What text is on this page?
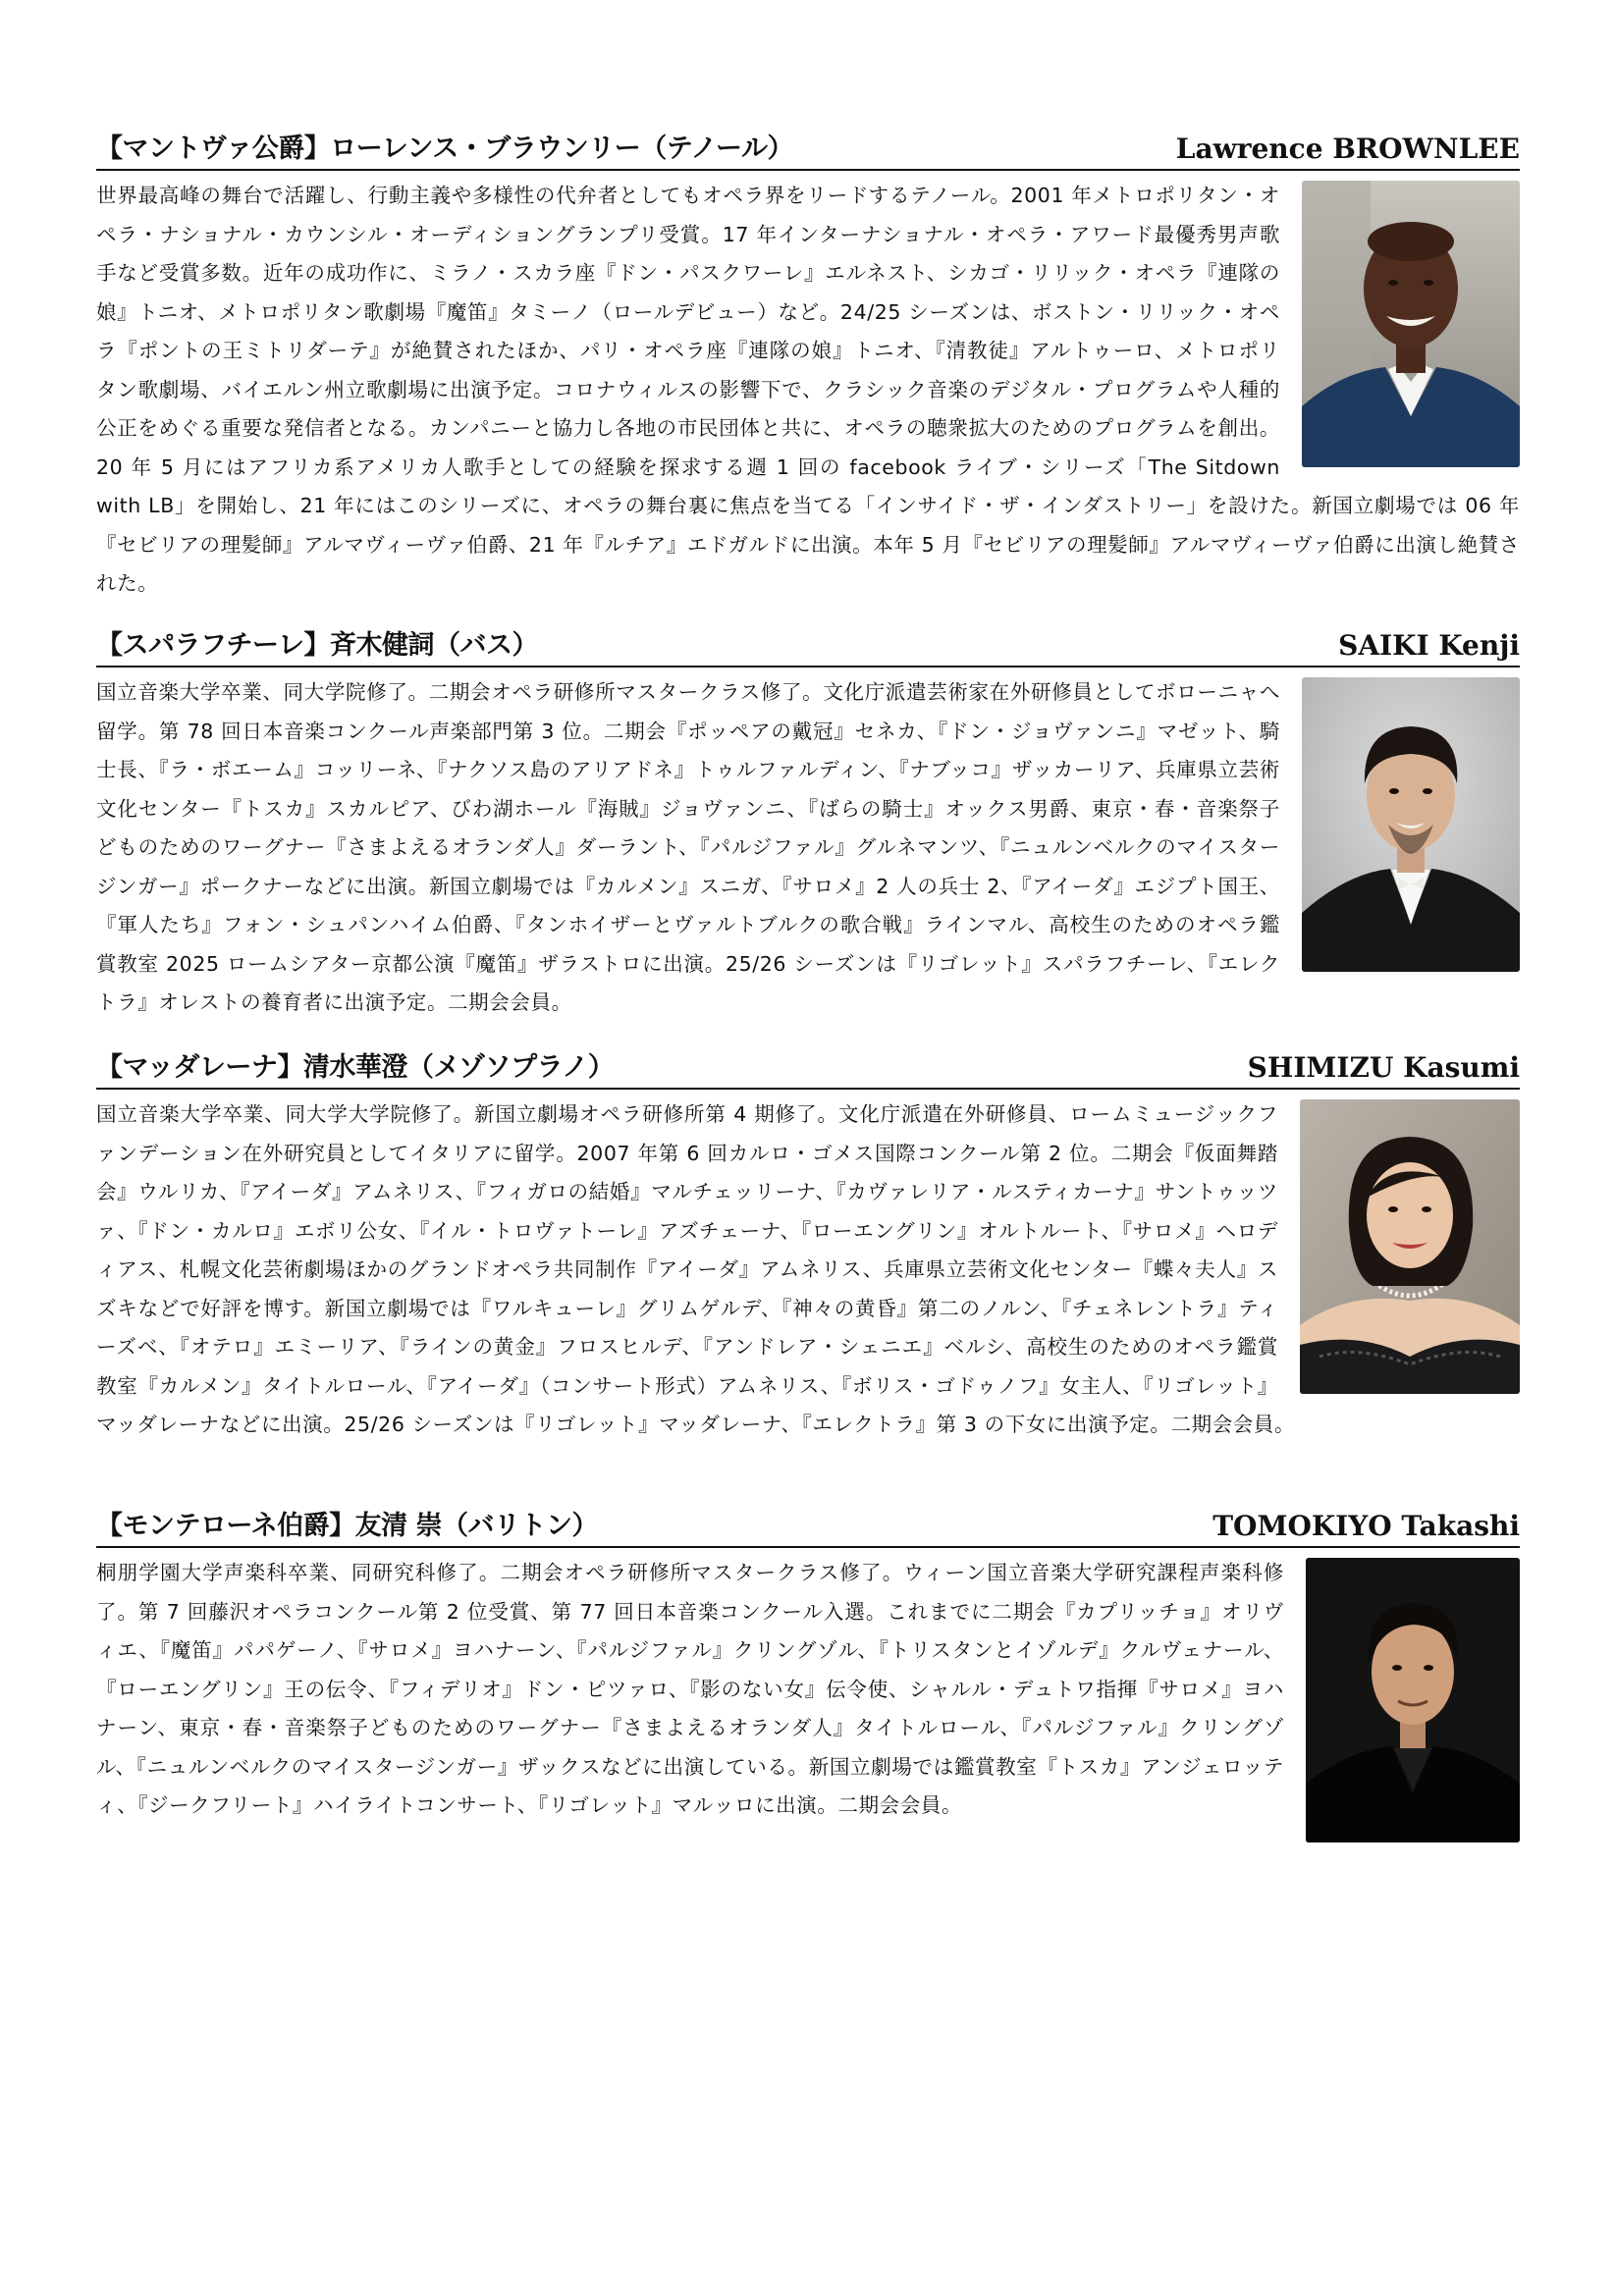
【マントヴァ公爵】ローレンス・ブラウンリー（テノール）	Lawrence BROWNLEE
世界最高峰の舞台で活躍し、行動主義や多様性の代弁者としてもオペラ界をリードするテノール。2001 年メトロポリタン・オペラ・ナショナル・カウンシル・オーディショングランプリ受賞。17 年インターナショナル・オペラ・アワード最優秀男声歌手など受賞多数。近年の成功作に、ミラノ・スカラ座『ドン・パスクワーレ』エルネスト、シカゴ・リリック・オペラ『連隊の娘』トニオ、メトロポリタン歌劇場『魔笛』タミーノ（ロールデビュー）など。24/25 シーズンは、ボストン・リリック・オペラ『ポントの王ミトリダーテ』が絶賛されたほか、パリ・オペラ座『連隊の娘』トニオ、『清教徒』アルトゥーロ、メトロポリタン歌劇場、バイエルン州立歌劇場に出演予定。コロナウィルスの影響下で、クラシック音楽のデジタル・プログラムや人種的公正をめぐる重要な発信者となる。カンパニーと協力し各地の市民団体と共に、オペラの聴衆拡大のためのプログラムを創出。20 年 5 月にはアフリカ系アメリカ人歌手としての経験を探求する週 1 回の facebook ライブ・シリーズ「The Sitdown with LB」を開始し、21 年にはこのシリーズに、オペラの舞台裏に焦点を当てる「インサイド・ザ・インダストリー」を設けた。新国立劇場では 06 年『セビリアの理髪師』アルマヴィーヴァ伯爵、21 年『ルチア』エドガルドに出演。本年 5 月『セビリアの理髪師』アルマヴィーヴァ伯爵に出演し絶賛された。
【スパラフチーレ】斉木健詞（バス）	SAIKI Kenji
国立音楽大学卒業、同大学院修了。二期会オペラ研修所マスタークラス修了。文化庁派遣芸術家在外研修員としてボローニャへ留学。第 78 回日本音楽コンクール声楽部門第 3 位。二期会『ポッペアの戴冠』セネカ、『ドン・ジョヴァンニ』マゼット、騎士長、『ラ・ボエーム』コッリーネ、『ナクソス島のアリアドネ』トゥルファルディン、『ナブッコ』ザッカーリア、兵庫県立芸術文化センター『トスカ』スカルピア、びわ湖ホール『海賊』ジョヴァンニ、『ばらの騎士』オックス男爵、東京・春・音楽祭子どものためのワーグナー『さまよえるオランダ人』ダーラント、『パルジファル』グルネマンツ、『ニュルンベルクのマイスタージンガー』ポークナーなどに出演。新国立劇場では『カルメン』スニガ、『サロメ』2 人の兵士 2、『アイーダ』エジプト国王、『軍人たち』フォン・シュパンハイム伯爵、『タンホイザーとヴァルトブルクの歌合戦』ラインマル、高校生のためのオペラ鑑賞教室 2025 ロームシアター京都公演『魔笛』ザラストロに出演。25/26 シーズンは『リゴレット』スパラフチーレ、『エレクトラ』オレストの養育者に出演予定。二期会会員。
【マッダレーナ】清水華澄（メゾソプラノ）	SHIMIZU Kasumi
国立音楽大学卒業、同大学大学院修了。新国立劇場オペラ研修所第 4 期修了。文化庁派遣在外研修員、ロームミュージックファンデーション在外研究員としてイタリアに留学。2007 年第 6 回カルロ・ゴメス国際コンクール第 2 位。二期会『仮面舞踏会』ウルリカ、『アイーダ』アムネリス、『フィガロの結婚』マルチェッリーナ、『カヴァレリア・ルスティカーナ』サントゥッツァ、『ドン・カルロ』エボリ公女、『イル・トロヴァトーレ』アズチェーナ、『ローエングリン』オルトルート、『サロメ』ヘロディアス、札幌文化芸術劇場ほかのグランドオペラ共同制作『アイーダ』アムネリス、兵庫県立芸術文化センター『蝶々夫人』スズキなどで好評を博す。新国立劇場では『ワルキューレ』グリムゲルデ、『神々の黄昏』第二のノルン、『チェネレントラ』ティーズベ、『オテロ』エミーリア、『ラインの黄金』フロスヒルデ、『アンドレア・シェニエ』ベルシ、高校生のためのオペラ鑑賞教室『カルメン』タイトルロール、『アイーダ』（コンサート形式）アムネリス、『ボリス・ゴドゥノフ』女主人、『リゴレット』マッダレーナなどに出演。25/26 シーズンは『リゴレット』マッダレーナ、『エレクトラ』第 3 の下女に出演予定。二期会会員。
【モンテローネ伯爵】友清 崇（バリトン）	TOMOKIYO Takashi
桐朋学園大学声楽科卒業、同研究科修了。二期会オペラ研修所マスタークラス修了。ウィーン国立音楽大学研究課程声楽科修了。第 7 回藤沢オペラコンクール第 2 位受賞、第 77 回日本音楽コンクール入選。これまでに二期会『カプリッチョ』オリヴィエ、『魔笛』パパゲーノ、『サロメ』ヨハナーン、『パルジファル』クリングゾル、『トリスタンとイゾルデ』クルヴェナール、『ローエングリン』王の伝令、『フィデリオ』ドン・ピツァロ、『影のない女』伝令使、シャルル・デュトワ指揮『サロメ』ヨハナーン、東京・春・音楽祭子どものためのワーグナー『さまよえるオランダ人』タイトルロール、『パルジファル』クリングゾル、『ニュルンベルクのマイスタージンガー』ザックスなどに出演している。新国立劇場では鑑賞教室『トスカ』アンジェロッティ、『ジークフリート』ハイライトコンサート、『リゴレット』マルッロに出演。二期会会員。
